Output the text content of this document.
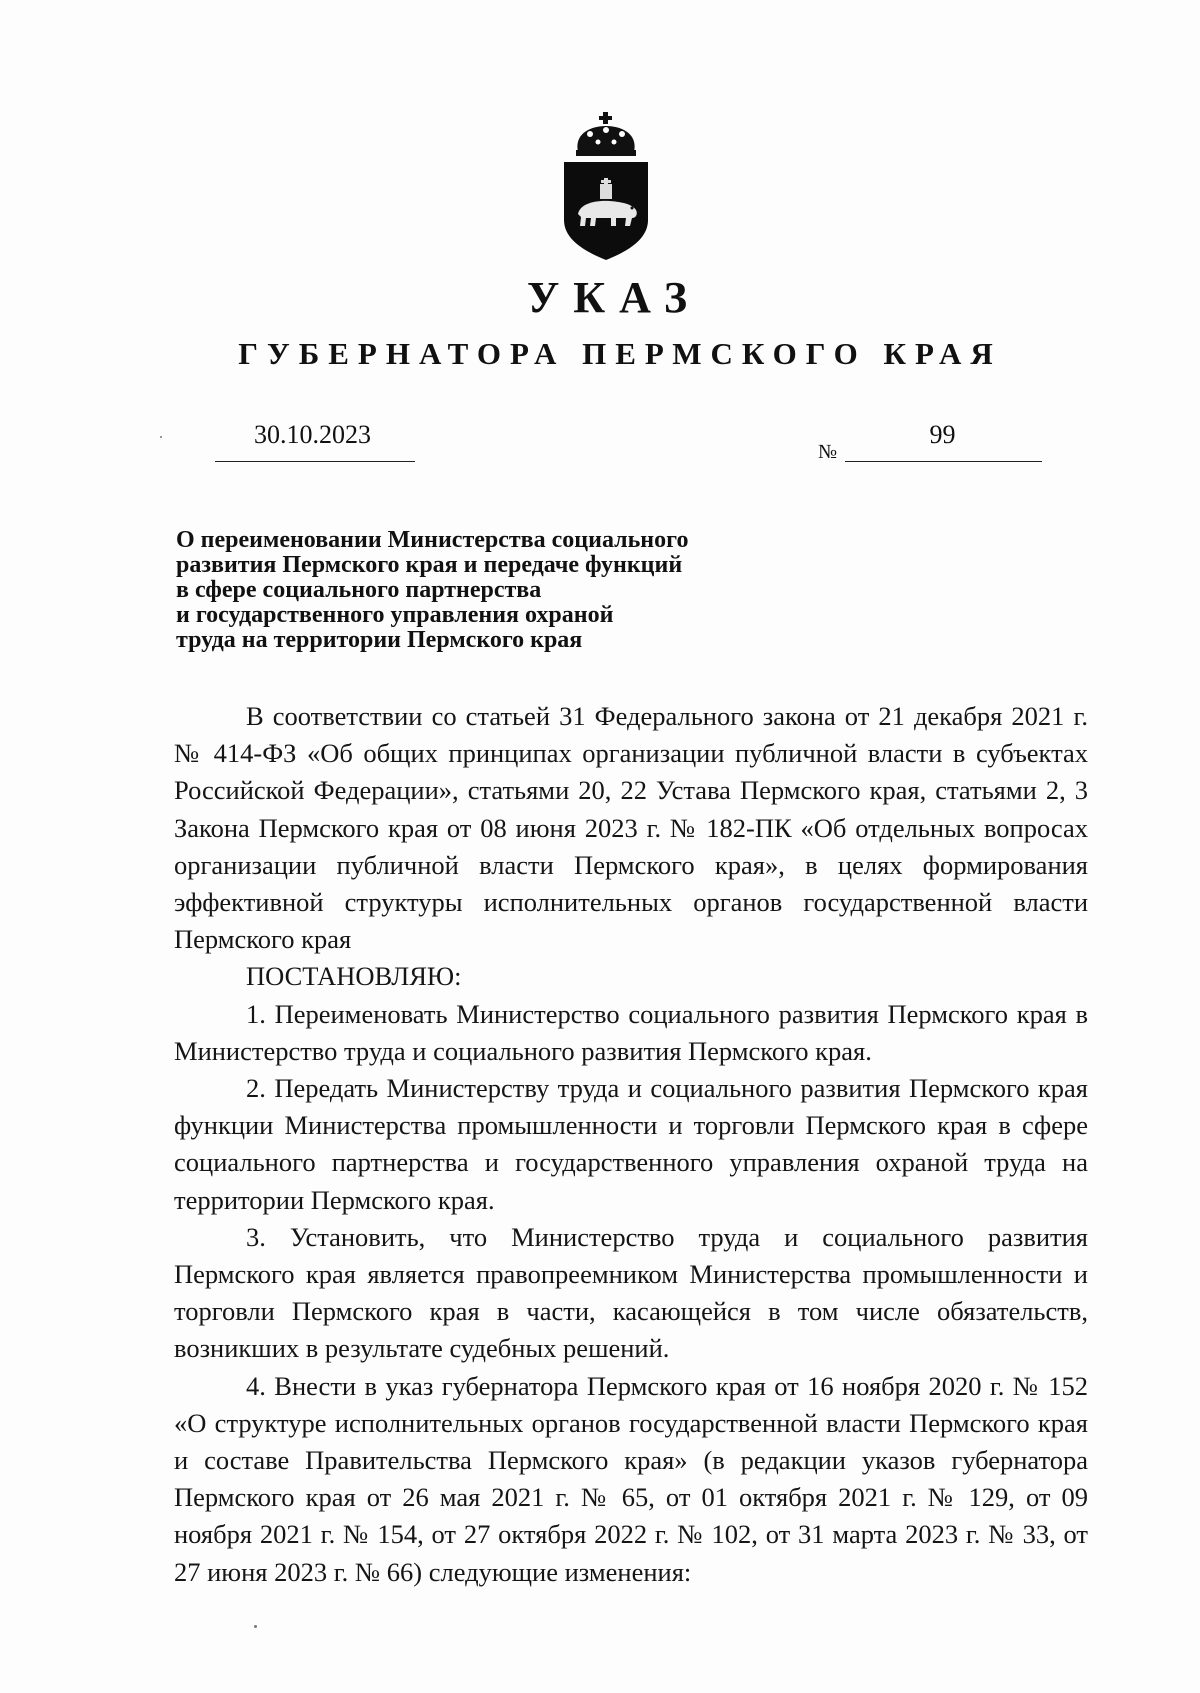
УКАЗ
ГУБЕРНАТОРА ПЕРМСКОГО КРАЯ
30.10.2023
№
99
О переименовании Министерства социального
развития Пермского края и передаче функций
в сфере социального партнерства
и государственного управления охраной
труда на территории Пермского края

В соответствии со статьей 31 Федерального закона от 21 декабря 2021 г. № 414-ФЗ «Об общих принципах организации публичной власти в субъектах Российской Федерации», статьями 20, 22 Устава Пермского края, статьями 2, 3 Закона Пермского края от 08 июня 2023 г. № 182-ПК «Об отдельных вопросах организации публичной власти Пермского края», в целях формирования эффективной структуры исполнительных органов государственной власти Пермского края

ПОСТАНОВЛЯЮ:

1. Переименовать Министерство социального развития Пермского края в Министерство труда и социального развития Пермского края.

2. Передать Министерству труда и социального развития Пермского края функции Министерства промышленности и торговли Пермского края в сфере социального партнерства и государственного управления охраной труда на территории Пермского края.

3. Установить, что Министерство труда и социального развития Пермского края является правопреемником Министерства промышленности и торговли Пермского края в части, касающейся в том числе обязательств, возникших в результате судебных решений.

4. Внести в указ губернатора Пермского края от 16 ноября 2020 г. № 152 «О структуре исполнительных органов государственной власти Пермского края и составе Правительства Пермского края» (в редакции указов губернатора Пермского края от 26 мая 2021 г. № 65, от 01 октября 2021 г. № 129, от 09 ноября 2021 г. № 154, от 27 октября 2022 г. № 102, от 31 марта 2023 г. № 33, от 27 июня 2023 г. № 66) следующие изменения:
